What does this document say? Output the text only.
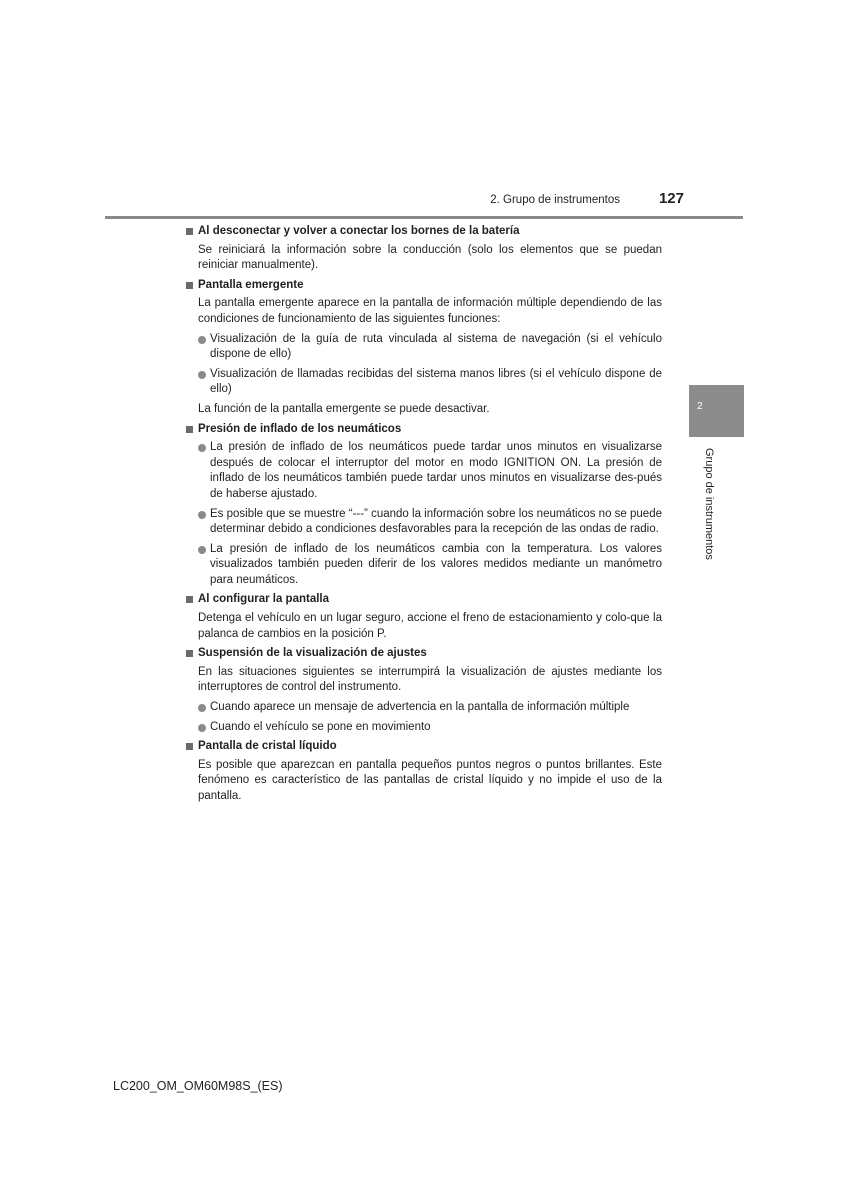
2. Grupo de instrumentos	127
2
Grupo de instrumentos
Al desconectar y volver a conectar los bornes de la batería
Se reiniciará la información sobre la conducción (solo los elementos que se puedan reiniciar manualmente).
Pantalla emergente
La pantalla emergente aparece en la pantalla de información múltiple dependiendo de las condiciones de funcionamiento de las siguientes funciones:
Visualización de la guía de ruta vinculada al sistema de navegación (si el vehículo dispone de ello)
Visualización de llamadas recibidas del sistema manos libres (si el vehículo dispone de ello)
La función de la pantalla emergente se puede desactivar.
Presión de inflado de los neumáticos
La presión de inflado de los neumáticos puede tardar unos minutos en visualizarse después de colocar el interruptor del motor en modo IGNITION ON. La presión de inflado de los neumáticos también puede tardar unos minutos en visualizarse des-pués de haberse ajustado.
Es posible que se muestre “---” cuando la información sobre los neumáticos no se puede determinar debido a condiciones desfavorables para la recepción de las ondas de radio.
La presión de inflado de los neumáticos cambia con la temperatura. Los valores visualizados también pueden diferir de los valores medidos mediante un manómetro para neumáticos.
Al configurar la pantalla
Detenga el vehículo en un lugar seguro, accione el freno de estacionamiento y colo-que la palanca de cambios en la posición P.
Suspensión de la visualización de ajustes
En las situaciones siguientes se interrumpirá la visualización de ajustes mediante los interruptores de control del instrumento.
Cuando aparece un mensaje de advertencia en la pantalla de información múltiple
Cuando el vehículo se pone en movimiento
Pantalla de cristal líquido
Es posible que aparezcan en pantalla pequeños puntos negros o puntos brillantes. Este fenómeno es característico de las pantallas de cristal líquido y no impide el uso de la pantalla.
LC200_OM_OM60M98S_(ES)
